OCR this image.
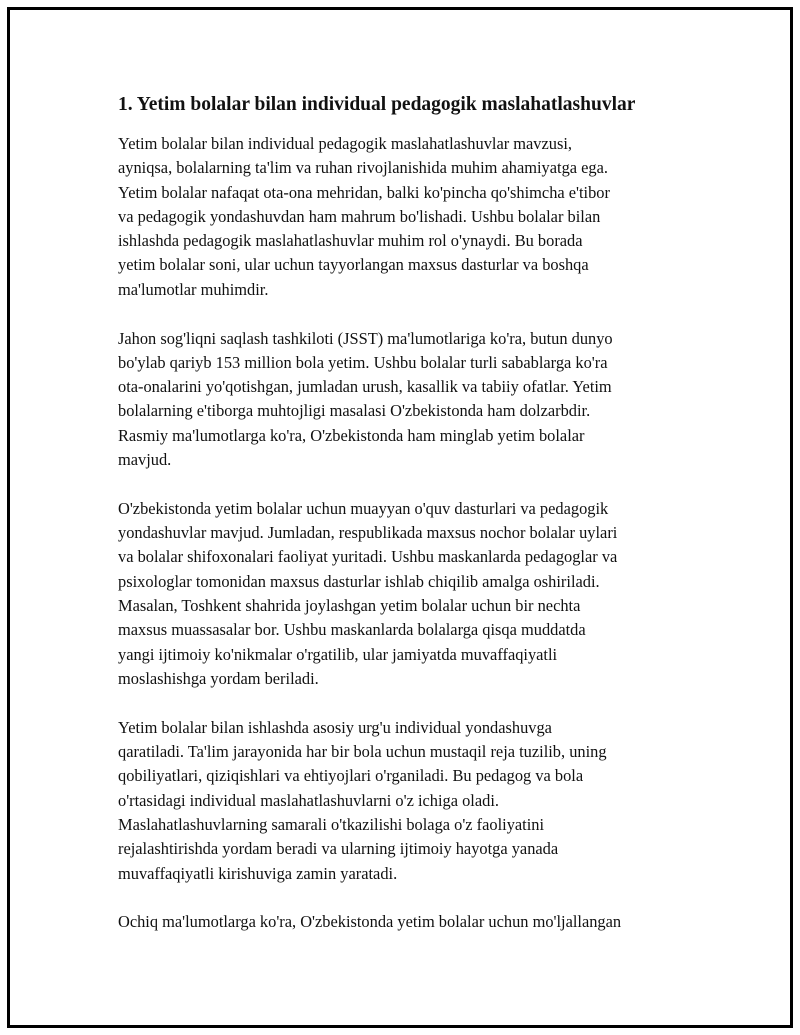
1. Yetim bolalar bilan individual pedagogik maslahatlashuvlar
Yetim bolalar bilan individual pedagogik maslahatlashuvlar mavzusi,
ayniqsa, bolalarning ta'lim va ruhan rivojlanishida muhim ahamiyatga ega.
Yetim bolalar nafaqat ota-ona mehridan, balki ko'pincha qo'shimcha e'tibor
va pedagogik yondashuvdan ham mahrum bo'lishadi. Ushbu bolalar bilan
ishlashda pedagogik maslahatlashuvlar muhim rol o'ynaydi. Bu borada
yetim bolalar soni, ular uchun tayyorlangan maxsus dasturlar va boshqa
ma'lumotlar muhimdir.
Jahon sog'liqni saqlash tashkiloti (JSST) ma'lumotlariga ko'ra, butun dunyo
bo'ylab qariyb 153 million bola yetim. Ushbu bolalar turli sabablarga ko'ra
ota-onalarini yo'qotishgan, jumladan urush, kasallik va tabiiy ofatlar. Yetim
bolalarning e'tiborga muhtojligi masalasi O'zbekistonda ham dolzarbdir.
Rasmiy ma'lumotlarga ko'ra, O'zbekistonda ham minglab yetim bolalar
mavjud.
O'zbekistonda yetim bolalar uchun muayyan o'quv dasturlari va pedagogik
yondashuvlar mavjud. Jumladan, respublikada maxsus nochor bolalar uylari
va bolalar shifoxonalari faoliyat yuritadi. Ushbu maskanlarda pedagoglar va
psixologlar tomonidan maxsus dasturlar ishlab chiqilib amalga oshiriladi.
Masalan, Toshkent shahrida joylashgan yetim bolalar uchun bir nechta
maxsus muassasalar bor. Ushbu maskanlarda bolalarga qisqa muddatda
yangi ijtimoiy ko'nikmalar o'rgatilib, ular jamiyatda muvaffaqiyatli
moslashishga yordam beriladi.
Yetim bolalar bilan ishlashda asosiy urg'u individual yondashuvga
qaratiladi. Ta'lim jarayonida har bir bola uchun mustaqil reja tuzilib, uning
qobiliyatlari, qiziqishlari va ehtiyojlari o'rganiladi. Bu pedagog va bola
o'rtasidagi individual maslahatlashuvlarni o'z ichiga oladi.
Maslahatlashuvlarning samarali o'tkazilishi bolaga o'z faoliyatini
rejalashtirishda yordam beradi va ularning ijtimoiy hayotga yanada
muvaffaqiyatli kirishuviga zamin yaratadi.
Ochiq ma'lumotlarga ko'ra, O'zbekistonda yetim bolalar uchun mo'ljallangan
